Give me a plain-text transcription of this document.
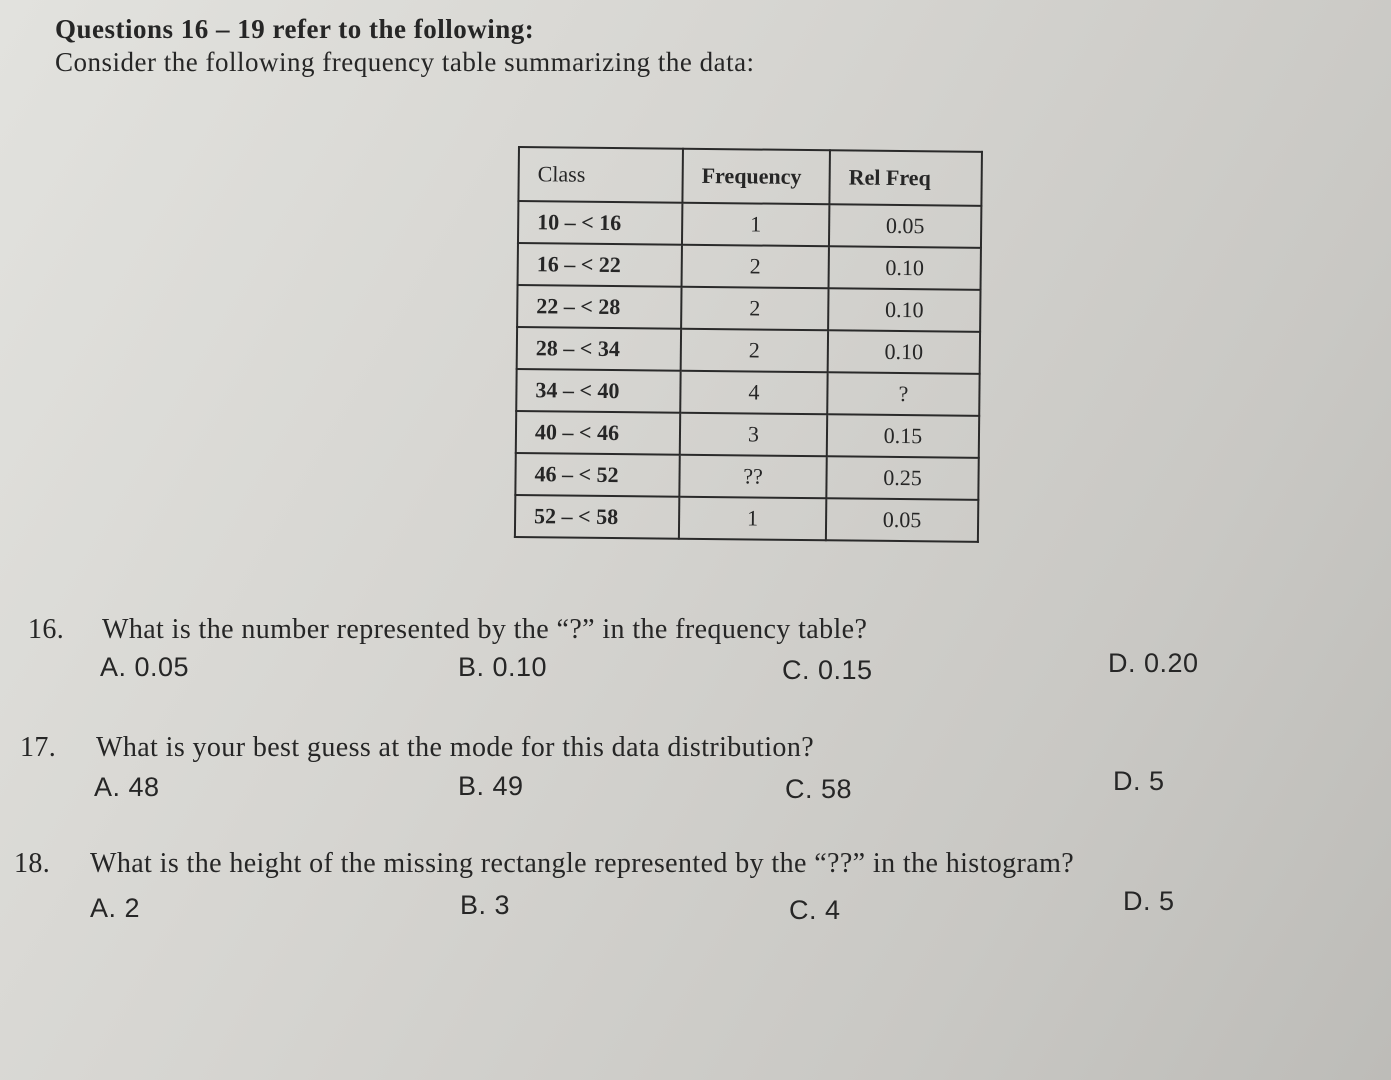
Questions 16 – 19 refer to the following:
Consider the following frequency table summarizing the data:
Class	Frequency	Rel Freq
10 – < 16	1	0.05
16 – < 22	2	0.10
22 – < 28	2	0.10
28 – < 34	2	0.10
34 – < 40	4	?
40 – < 46	3	0.15
46 – < 52	??	0.25
52 – < 58	1	0.05
16. What is the number represented by the “?” in the frequency table?
A. 0.05	B. 0.10	C. 0.15	D. 0.20
17. What is your best guess at the mode for this data distribution?
A. 48	B. 49	C. 58	D. 5
18. What is the height of the missing rectangle represented by the “??” in the histogram?
A. 2	B. 3	C. 4	D. 5
